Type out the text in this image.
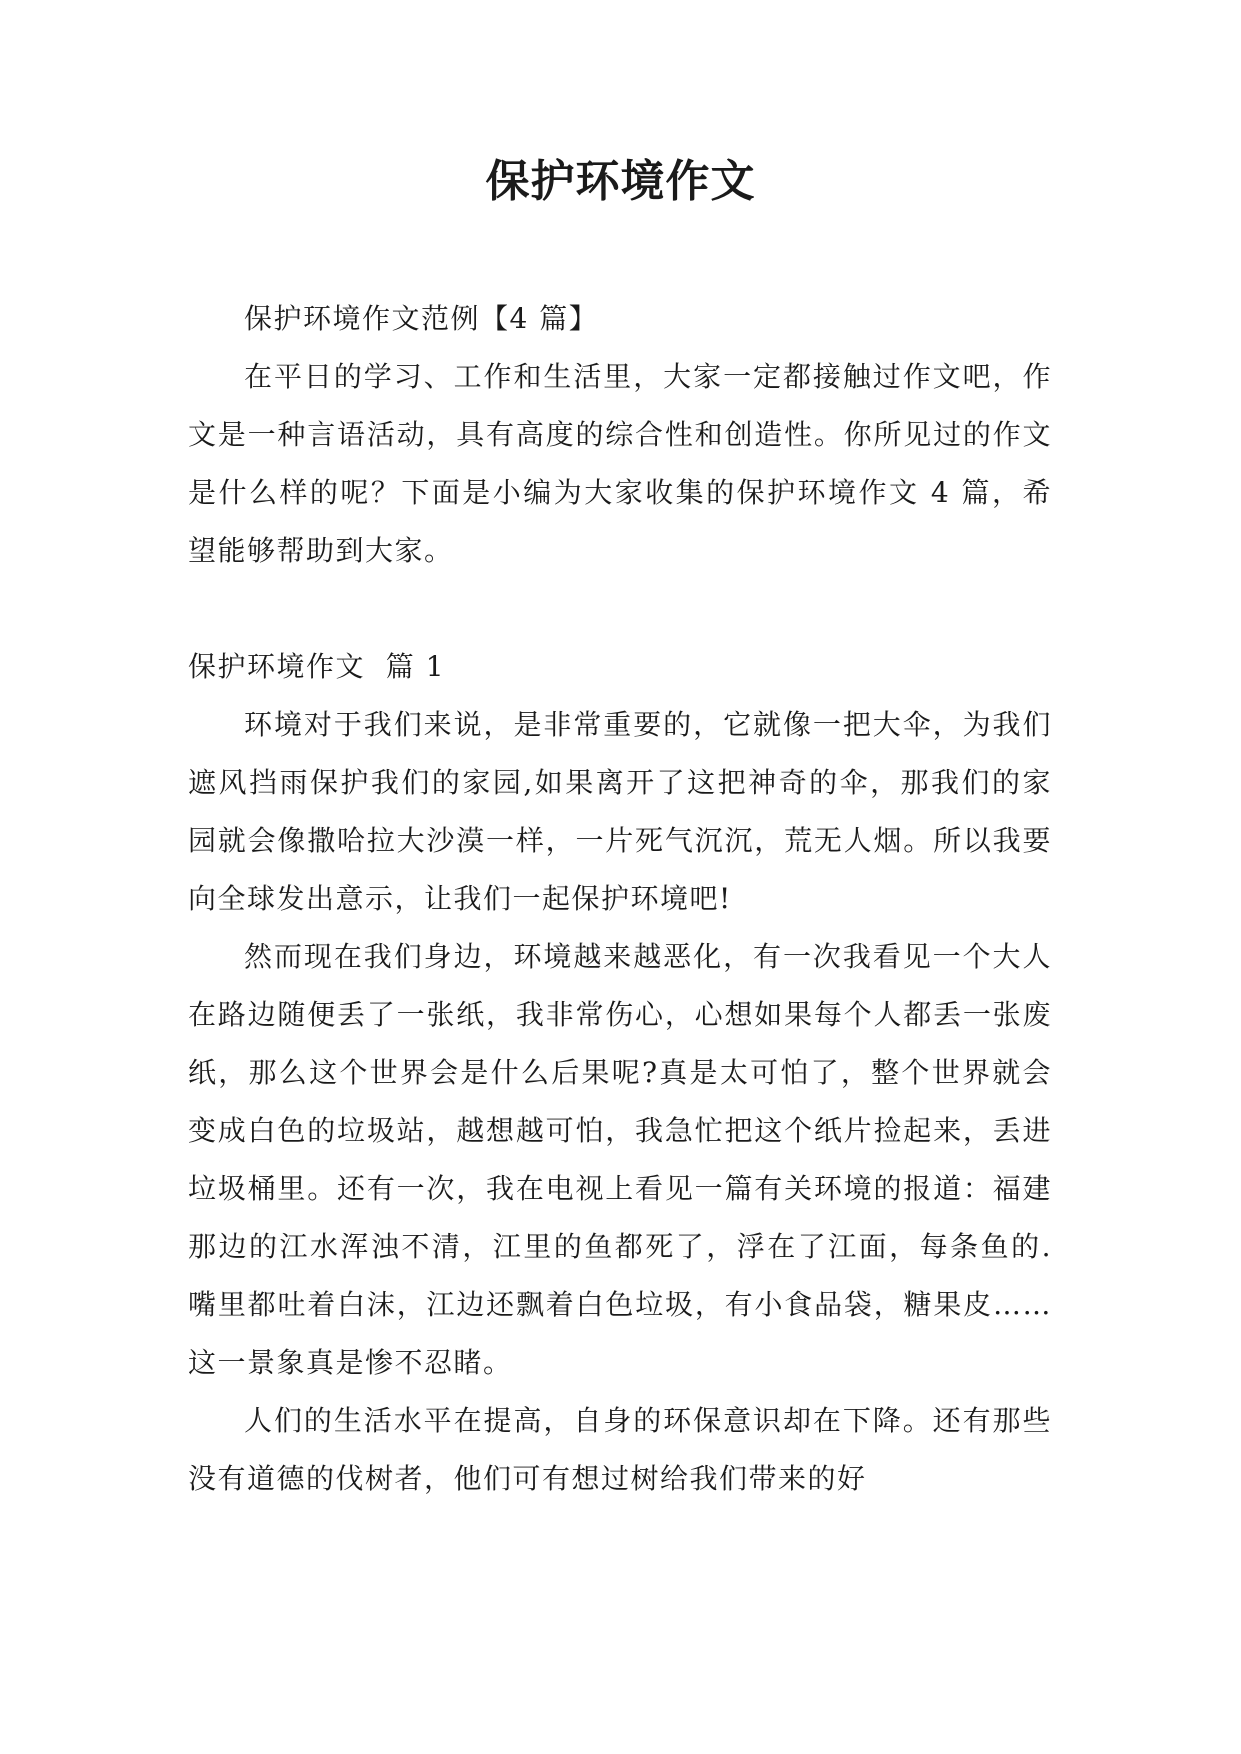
保护环境作文

保护环境作文范例【4 篇】

在平日的学习、工作和生活里，大家一定都接触过作文吧，作文是一种言语活动，具有高度的综合性和创造性。你所见过的作文是什么样的呢？下面是小编为大家收集的保护环境作文 4 篇，希望能够帮助到大家。

保护环境作文  篇 1

环境对于我们来说，是非常重要的，它就像一把大伞，为我们遮风挡雨保护我们的家园,如果离开了这把神奇的伞，那我们的家园就会像撒哈拉大沙漠一样，一片死气沉沉，荒无人烟。所以我要向全球发出意示，让我们一起保护环境吧!

然而现在我们身边，环境越来越恶化，有一次我看见一个大人在路边随便丢了一张纸，我非常伤心，心想如果每个人都丢一张废纸，那么这个世界会是什么后果呢?真是太可怕了，整个世界就会变成白色的垃圾站，越想越可怕，我急忙把这个纸片捡起来，丢进垃圾桶里。还有一次，我在电视上看见一篇有关环境的报道：福建那边的江水浑浊不清，江里的鱼都死了，浮在了江面，每条鱼的.嘴里都吐着白沫，江边还飘着白色垃圾，有小食品袋，糖果皮……这一景象真是惨不忍睹。

人们的生活水平在提高，自身的环保意识却在下降。还有那些没有道德的伐树者，他们可有想过树给我们带来的好
